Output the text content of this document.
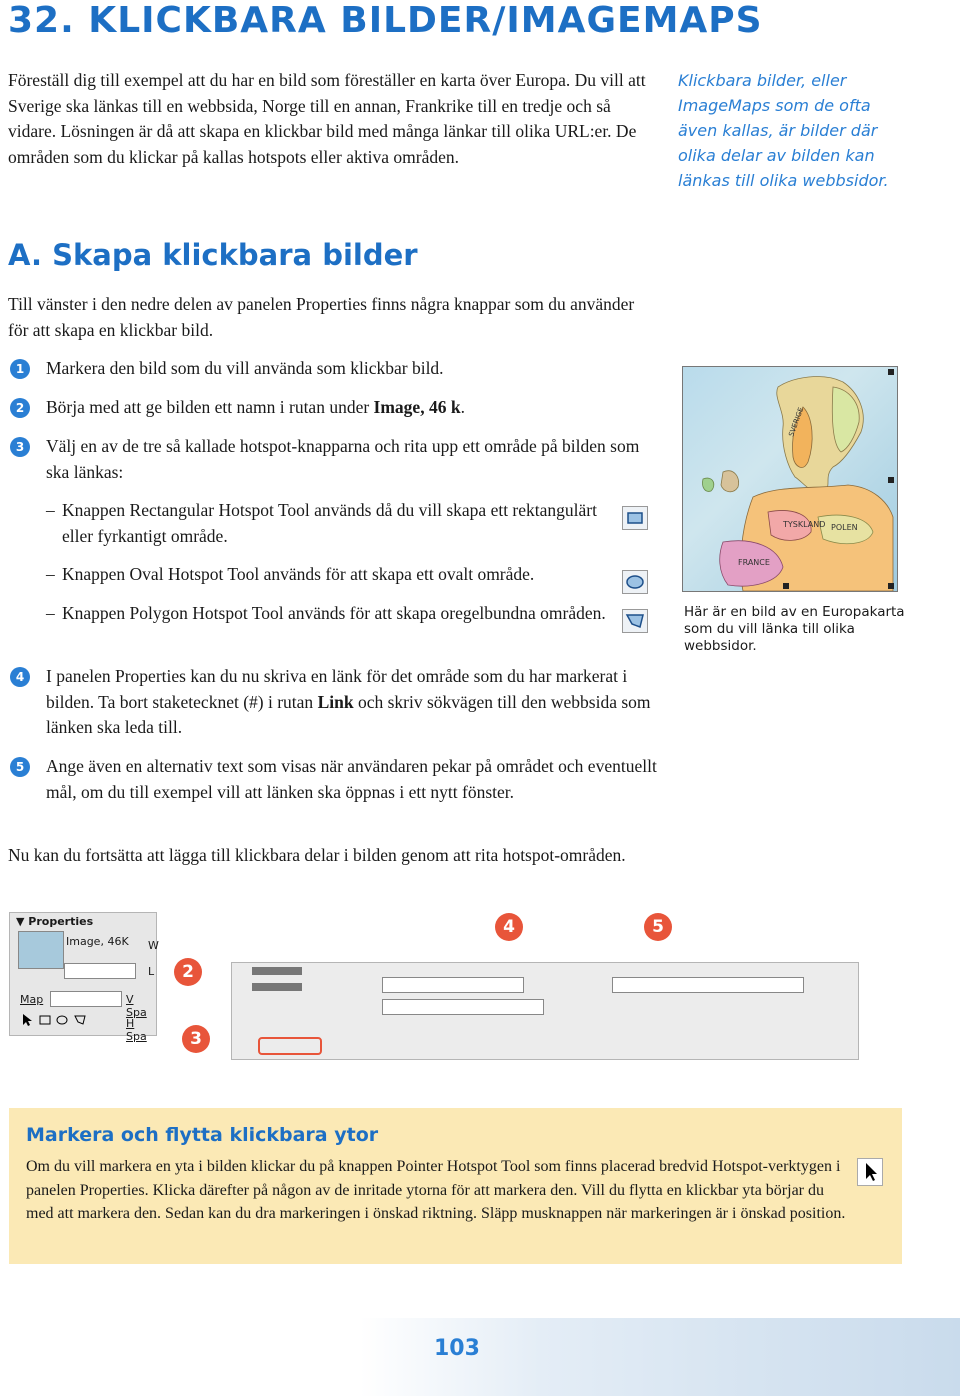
32. KLICKBARA BILDER/IMAGEMAPS
Föreställ dig till exempel att du har en bild som föreställer en karta över Europa. Du vill att Sverige ska länkas till en webbsida, Norge till en annan, Frankrike till en tredje och så vidare. Lösningen är då att skapa en klickbar bild med många länkar till olika URL:er. De områden som du klickar på kallas hotspots eller aktiva områden.
Klickbara bilder, eller ImageMaps som de ofta även kallas, är bilder där olika delar av bilden kan länkas till olika webbsidor.
A. Skapa klickbara bilder
Till vänster i den nedre delen av panelen Properties finns några knappar som du använder för att skapa en klickbar bild.
1	Markera den bild som du vill använda som klickbar bild.
2	Börja med att ge bilden ett namn i rutan under Image, 46 k.
3	Välj en av de tre så kallade hotspot-knapparna och rita upp ett område på bilden som ska länkas:
– Knappen Rectangular Hotspot Tool används då du vill skapa ett rektangulärt eller fyrkantigt område.
– Knappen Oval Hotspot Tool används för att skapa ett ovalt område.
– Knappen Polygon Hotspot Tool används för att skapa oregelbundna områden.
4	I panelen Properties kan du nu skriva en länk för det område som du har markerat i bilden. Ta bort staketecknet (#) i rutan Link och skriv sökvägen till den webbsida som länken ska leda till.
5	Ange även en alternativ text som visas när användaren pekar på området och eventuellt mål, om du till exempel vill att länken ska öppnas i ett nytt fönster.
Nu kan du fortsätta att lägga till klickbara delar i bilden genom att rita hotspot-områden.
TYSKLAND POLEN
FRANCE
SVERIGE
Här är en bild av en Europakarta som du vill länka till olika webbsidor.
▼ Properties
Image, 46K W
L
Map	V Spa

H Spa
2
3
4	5
Markera och flytta klickbara ytor
Om du vill markera en yta i bilden klickar du på knappen Pointer Hotspot Tool som finns placerad bredvid Hotspot-verktygen i panelen Properties. Klicka därefter på någon av de inritade ytorna för att markera den. Vill du flytta en klickbar yta börjar du med att markera den. Sedan kan du dra markeringen i önskad riktning. Släpp musknappen när markeringen är i önskad position.
103
